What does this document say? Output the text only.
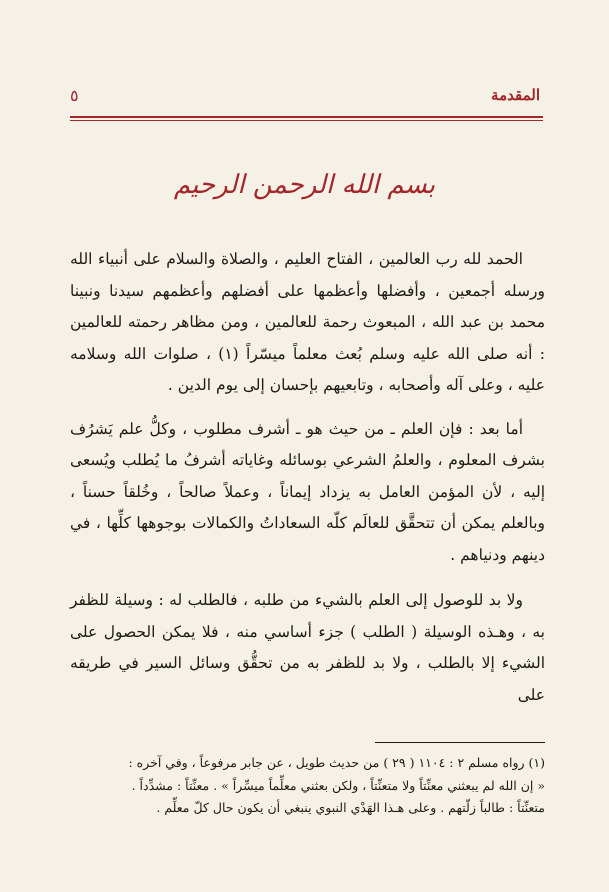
المقدمة
٥
بسم الله الرحمن الرحيم

الحمد لله رب العالمين ، الفتاح العليم ، والصلاة والسلام على أنبياء الله ورسله أجمعين ، وأفضلها وأعظمها على أفضلهم وأعظمهم سيدنا ونبينا محمد بن عبد الله ، المبعوث رحمة للعالمين ، ومن مظاهر رحمته للعالمين : أنه صلى الله عليه وسلم بُعث معلماً ميسّراً (١) ، صلوات الله وسلامه عليه ، وعلى آله وأصحابه ، وتابعيهم بإحسان إلى يوم الدين .

أما بعد : فإن العلم ـ من حيث هو ـ أشرف مطلوب ، وكلُّ علم يَشرُف بشرف المعلوم ، والعلمُ الشرعي بوسائله وغاياته أشرفُ ما يُطلب ويُسعى إليه ، لأن المؤمن العامل به يزداد إيماناً ، وعملاً صالحاً ، وخُلقاً حسناً ، وبالعلم يمكن أن تتحقَّق للعالَم كلّه السعاداتُ والكمالات بوجوهها كلِّها ، في دينهم ودنياهم .

ولا بد للوصول إلى العلم بالشيء من طلبه ، فالطلب له : وسيلة للظفر به ، وهـذه الوسيلة ( الطلب ) جزء أساسي منه ، فلا يمكن الحصول على الشيء إلا بالطلب ، ولا بد للظفر به من تحقُّق وسائل السير في طريقه على

(١) رواه مسلم ٢ : ١١٠٤ ( ٢٩ ) من حديث طويل ، عن جابر مرفوعاً ، وفي آخره :

« إن الله لم يبعثني معنِّتاً ولا متعنِّتاً ، ولكن بعثني معلِّماً ميسِّراً » . معنِّتاً : مشدِّداً .

متعنِّتاً : طالباً زلّتهم . وعلى هـذا الهَدْي النبوي ينبغي أن يكون حال كلّ معلِّم .
